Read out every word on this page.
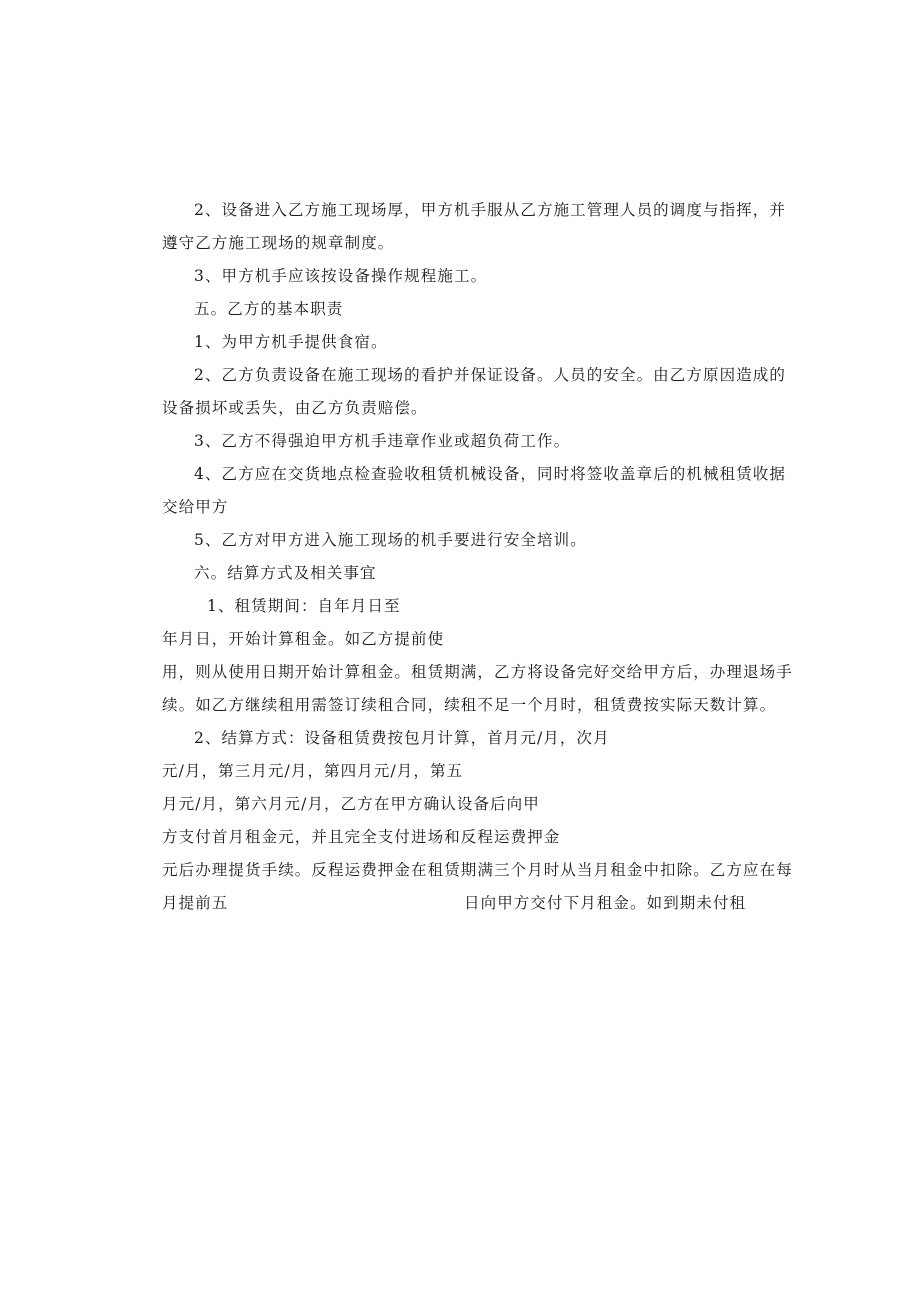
2、设备进入乙方施工现场厚，甲方机手服从乙方施工管理人员的调度与指挥，并
遵守乙方施工现场的规章制度。
3、甲方机手应该按设备操作规程施工。
五。乙方的基本职责
1、为甲方机手提供食宿。
2、乙方负责设备在施工现场的看护并保证设备。人员的安全。由乙方原因造成的
设备损坏或丢失，由乙方负责赔偿。
3、乙方不得强迫甲方机手违章作业或超负荷工作。
4、乙方应在交货地点检查验收租赁机械设备，同时将签收盖章后的机械租赁收据
交给甲方
5、乙方对甲方进入施工现场的机手要进行安全培训。
六。结算方式及相关事宜
1、租赁期间：自年月日至
年月日，开始计算租金。如乙方提前使
用，则从使用日期开始计算租金。租赁期满，乙方将设备完好交给甲方后，办理退场手
续。如乙方继续租用需签订续租合同，续租不足一个月时，租赁费按实际天数计算。
2、结算方式：设备租赁费按包月计算，首月元/月，次月
元/月，第三月元/月，第四月元/月，第五
月元/月，第六月元/月，乙方在甲方确认设备后向甲
方支付首月租金元，并且完全支付进场和反程运费押金
元后办理提货手续。反程运费押金在租赁期满三个月时从当月租金中扣除。乙方应在每
月提前五	日向甲方交付下月租金。如到期未付租
